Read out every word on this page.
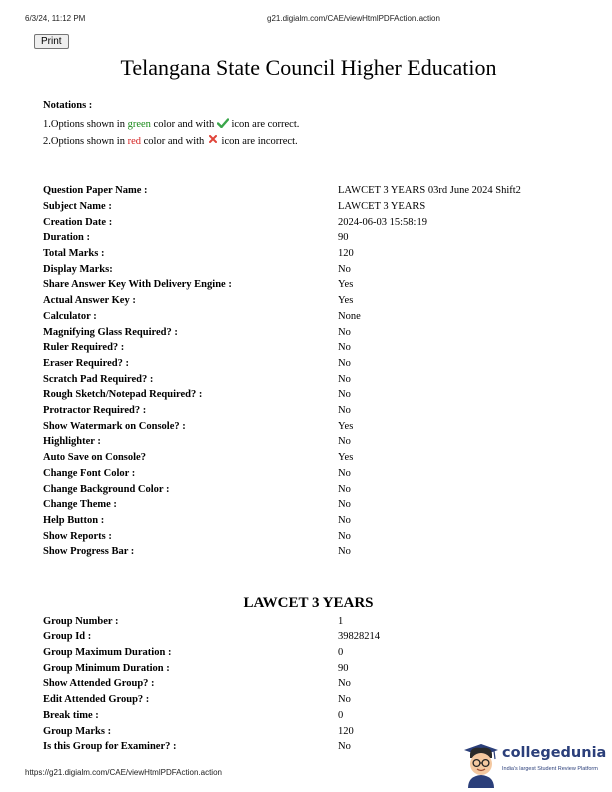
6/3/24, 11:12 PM	g21.digialm.com/CAE/viewHtmlPDFAction.action
Print
Telangana State Council Higher Education
Notations :
1.Options shown in green color and with  icon are correct.
2.Options shown in red color and with  icon are incorrect.
Question Paper Name :	LAWCET 3 YEARS 03rd June 2024 Shift2
Subject Name :	LAWCET 3 YEARS
Creation Date :	2024-06-03 15:58:19
Duration :	90
Total Marks :	120
Display Marks:	No
Share Answer Key With Delivery Engine :	Yes
Actual Answer Key :	Yes
Calculator :	None
Magnifying Glass Required? :	No
Ruler Required? :	No
Eraser Required? :	No
Scratch Pad Required? :	No
Rough Sketch/Notepad Required? :	No
Protractor Required? :	No
Show Watermark on Console? :	Yes
Highlighter :	No
Auto Save on Console?	Yes
Change Font Color :	No
Change Background Color :	No
Change Theme :	No
Help Button :	No
Show Reports :	No
Show Progress Bar :	No
LAWCET 3 YEARS
Group Number :	1
Group Id :	39828214
Group Maximum Duration :	0
Group Minimum Duration :	90
Show Attended Group? :	No
Edit Attended Group? :	No
Break time :	0
Group Marks :	120
Is this Group for Examiner? :	No
https://g21.digialm.com/CAE/viewHtmlPDFAction.action
collegedunia
India's largest Student Review Platform
